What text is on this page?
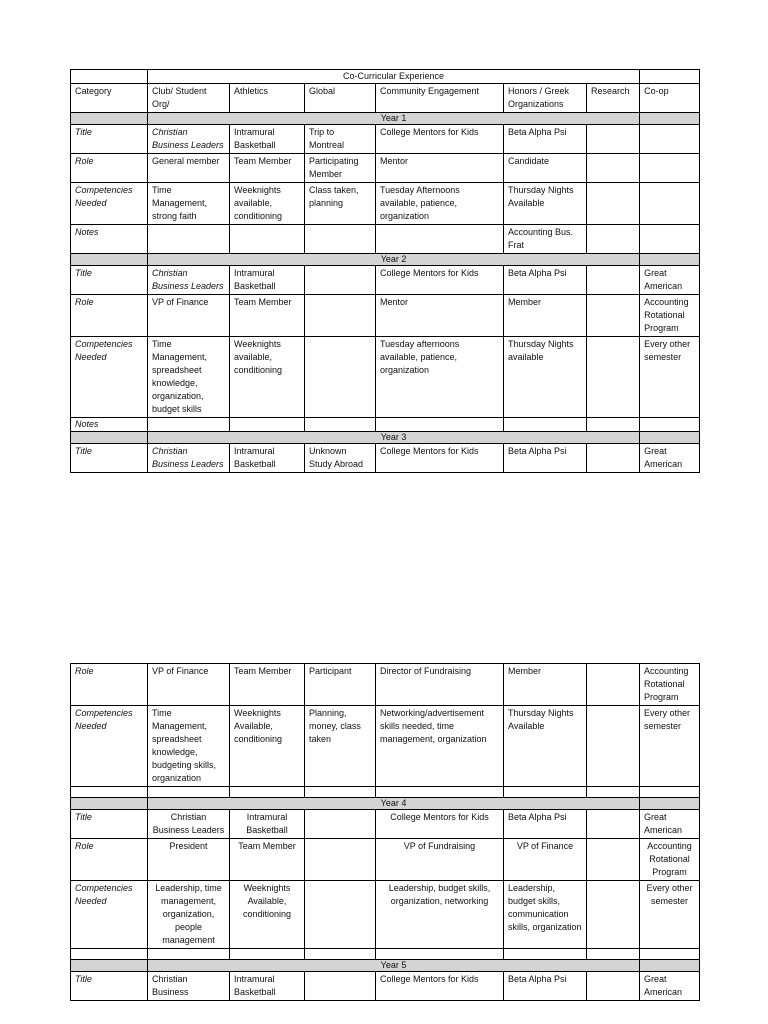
	Co-Curricular Experience						
Category	Club/ Student Org/	Athletics	Global	Community Engagement	Honors / Greek Organizations	Research	Co-op
	Year 1						
Title	Christian Business Leaders	Intramural Basketball	Trip to Montreal	College Mentors for Kids	Beta Alpha Psi		
Role	General member	Team Member	Participating Member	Mentor	Candidate		
Competencies Needed	Time Management, strong faith	Weeknights available, conditioning	Class taken, planning	Tuesday Afternoons available, patience, organization	Thursday Nights Available		
Notes					Accounting Bus. Frat		
	Year 2						
Title	Christian Business Leaders	Intramural Basketball		College Mentors for Kids	Beta Alpha Psi		Great American
Role	VP of Finance	Team Member		Mentor	Member		Accounting Rotational Program
Competencies Needed	Time Management, spreadsheet knowledge, organization, budget skills	Weeknights available, conditioning		Tuesday afternoons available, patience, organization	Thursday Nights available		Every other semester
Notes							
	Year 3						
Title	Christian Business Leaders	Intramural Basketball	Unknown Study Abroad	College Mentors for Kids	Beta Alpha Psi		Great American
Role	VP of Finance	Team Member	Participant	Director of Fundraising	Member		Accounting Rotational Program
Competencies Needed	Time Management, spreadsheet knowledge, budgeting skills, organization	Weeknights Available, conditioning	Planning, money, class taken	Networking/advertisement skills needed, time management, organization	Thursday Nights Available		Every other semester

	Year 4						
Title	Christian Business Leaders	Intramural Basketball		College Mentors for Kids	Beta Alpha Psi		Great American
Role	President	Team Member		VP of Fundraising	VP of Finance		Accounting Rotational Program
Competencies Needed	Leadership, time management, organization, people management	Weeknights Available, conditioning		Leadership, budget skills, organization, networking	Leadership, budget skills, communication skills, organization		Every other semester

	Year 5						
Title	Christian Business	Intramural Basketball		College Mentors for Kids	Beta Alpha Psi		Great American
